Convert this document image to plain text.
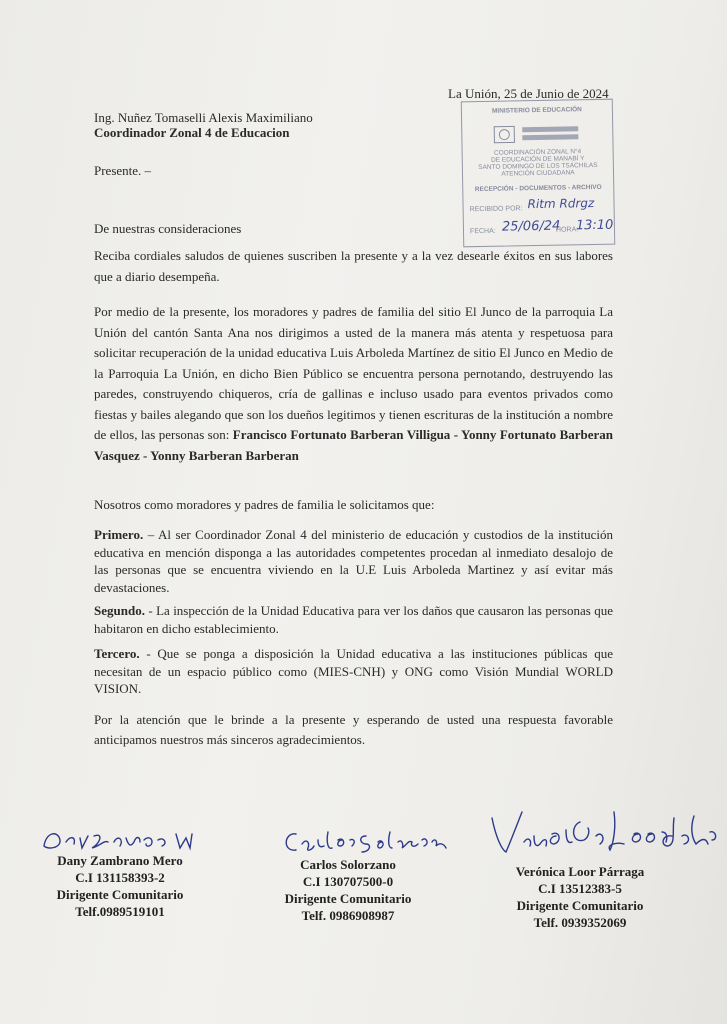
La Unión, 25 de Junio de 2024
Ing. Nuñez Tomaselli Alexis Maximiliano
Coordinador Zonal 4 de Educacion
Presente. –
MINISTERIO DE EDUCACIÓN
COORDINACIÓN ZONAL N°4
DE EDUCACIÓN DE MANABÍ Y
SANTO DOMINGO DE LOS TSÁCHILAS
ATENCIÓN CIUDADANA
RECEPCIÓN - DOCUMENTOS - ARCHIVO
RECIBIDO POR: Ritm Rdrgz
FECHA: 25/06/24
HORA:
13:10
De nuestras consideraciones
Reciba cordiales saludos de quienes suscriben la presente y a la vez desearle éxitos en sus labores que a diario desempeña.
Por medio de la presente, los moradores y padres de familia del sitio El Junco de la parroquia La Unión del cantón Santa Ana nos dirigimos a usted de la manera más atenta y respetuosa para solicitar recuperación de la unidad educativa Luis Arboleda Martínez de sitio El Junco en Medio de la Parroquia La Unión, en dicho Bien Público se encuentra persona pernotando, destruyendo las paredes, construyendo chiqueros, cría de gallinas e incluso usado para eventos privados como fiestas y bailes alegando que son los dueños legitimos y tienen escrituras de la institución a nombre de ellos, las personas son: Francisco Fortunato Barberan Villigua - Yonny Fortunato Barberan Vasquez - Yonny Barberan Barberan
Nosotros como moradores y padres de familia le solicitamos que:
Primero. – Al ser Coordinador Zonal 4 del ministerio de educación y custodios de la institución educativa en mención disponga a las autoridades competentes procedan al inmediato desalojo de las personas que se encuentra viviendo en la U.E Luis Arboleda Martinez y así evitar más devastaciones.
Segundo. - La inspección de la Unidad Educativa para ver los daños que causaron las personas que habitaron en dicho establecimiento.
Tercero. - Que se ponga a disposición la Unidad educativa a las instituciones públicas que necesitan de un espacio público como (MIES-CNH) y ONG como Visión Mundial WORLD VISION.
Por la atención que le brinde a la presente y esperando de usted una respuesta favorable anticipamos nuestros más sinceros agradecimientos.
Dany Zambrano Mero
C.I 131158393-2
Dirigente Comunitario
Telf.0989519101
Carlos Solorzano
C.I 130707500-0
Dirigente Comunitario
Telf. 0986908987
Verónica Loor Párraga
C.I 13512383-5
Dirigente Comunitario
Telf. 0939352069
